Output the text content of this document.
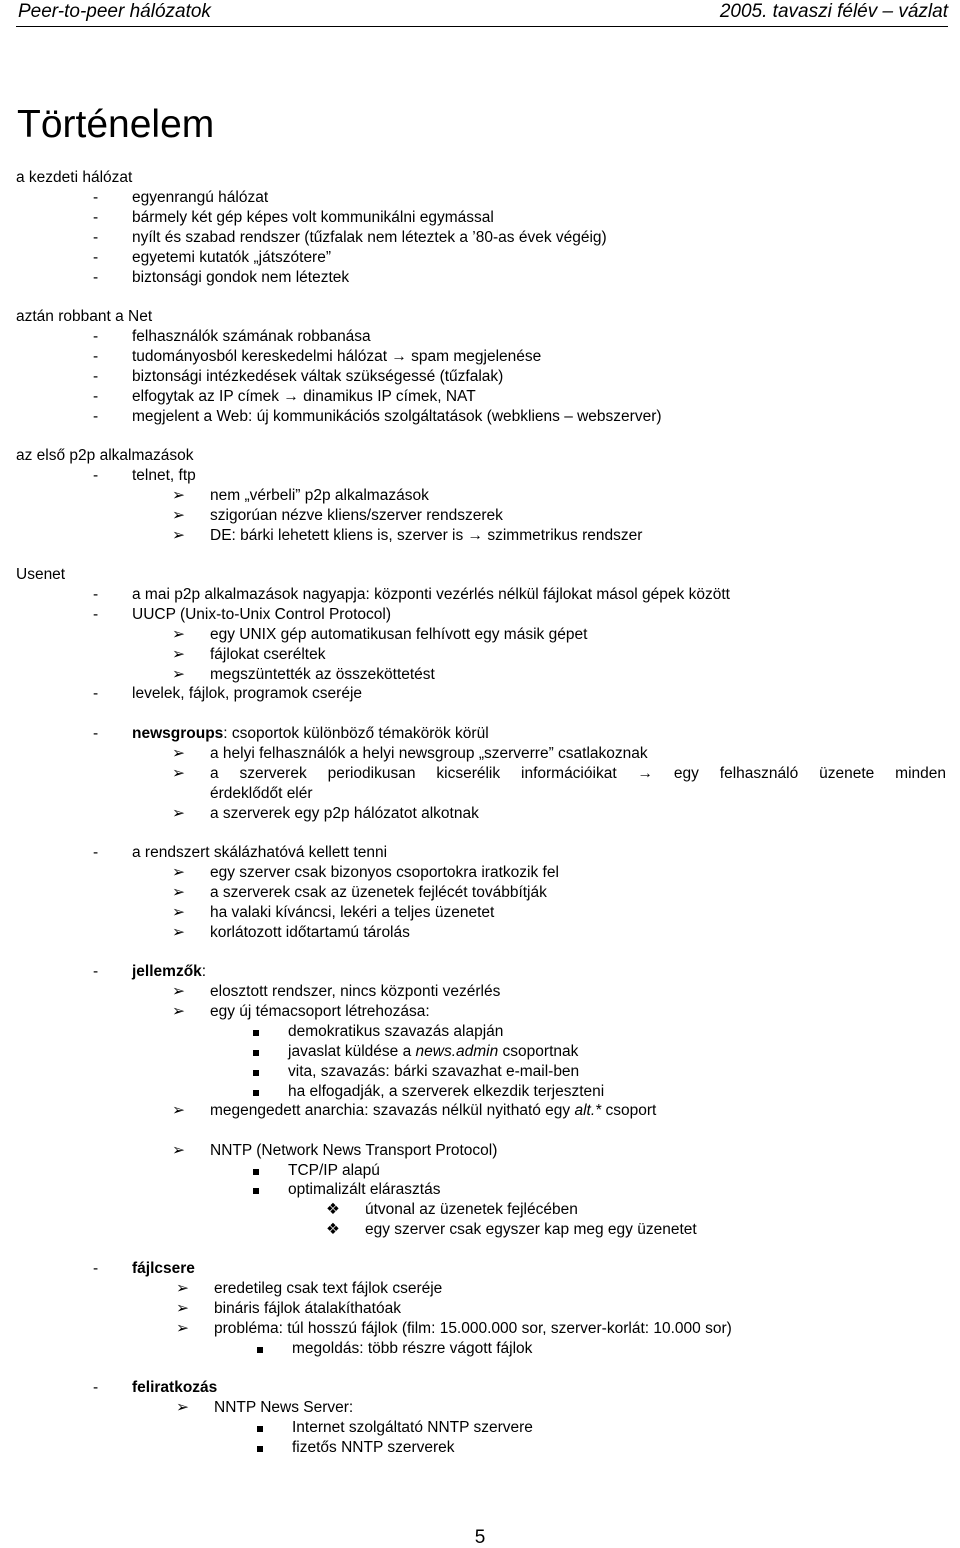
Peer-to-peer hálózatok	2005. tavaszi félév – vázlat
Történelem
a kezdeti hálózat
- egyenrangú hálózat
- bármely két gép képes volt kommunikálni egymással
- nyílt és szabad rendszer (tűzfalak nem léteztek a ’80-as évek végéig)
- egyetemi kutatók „játszótere”
- biztonsági gondok nem léteztek
aztán robbant a Net
- felhasználók számának robbanása
- tudományosból kereskedelmi hálózat → spam megjelenése
- biztonsági intézkedések váltak szükségessé (tűzfalak)
- elfogytak az IP címek → dinamikus IP címek, NAT
- megjelent a Web: új kommunikációs szolgáltatások (webkliens – webszerver)
az első p2p alkalmazások
- telnet, ftp
➢ nem „vérbeli” p2p alkalmazások
➢ szigorúan nézve kliens/szerver rendszerek
➢ DE: bárki lehetett kliens is, szerver is → szimmetrikus rendszer
Usenet
- a mai p2p alkalmazások nagyapja: központi vezérlés nélkül fájlokat másol gépek között
- UUCP (Unix-to-Unix Control Protocol)
➢ egy UNIX gép automatikusan felhívott egy másik gépet
➢ fájlokat cseréltek
➢ megszüntették az összeköttetést
- levelek, fájlok, programok cseréje
- newsgroups: csoportok különböző témakörök körül
➢ a helyi felhasználók a helyi newsgroup „szerverre” csatlakoznak
➢ a szerverek periodikusan kicserélik információikat → egy felhasználó üzenete minden
érdeklődőt elér
➢ a szerverek egy p2p hálózatot alkotnak
- a rendszert skálázhatóvá kellett tenni
➢ egy szerver csak bizonyos csoportokra iratkozik fel
➢ a szerverek csak az üzenetek fejlécét továbbítják
➢ ha valaki kíváncsi, lekéri a teljes üzenetet
➢ korlátozott időtartamú tárolás
- jellemzők:
➢ elosztott rendszer, nincs központi vezérlés
➢ egy új témacsoport létrehozása:
demokratikus szavazás alapján
javaslat küldése a news.admin csoportnak
vita, szavazás: bárki szavazhat e-mail-ben
ha elfogadják, a szerverek elkezdik terjeszteni
➢ megengedett anarchia: szavazás nélkül nyitható egy alt.* csoport
➢ NNTP (Network News Transport Protocol)
TCP/IP alapú
optimalizált elárasztás
❖ útvonal az üzenetek fejlécében
❖ egy szerver csak egyszer kap meg egy üzenetet
- fájlcsere
➢ eredetileg csak text fájlok cseréje
➢ bináris fájlok átalakíthatóak
➢ probléma: túl hosszú fájlok (film: 15.000.000 sor, szerver-korlát: 10.000 sor)
megoldás: több részre vágott fájlok
- feliratkozás
➢ NNTP News Server:
Internet szolgáltató NNTP szervere
fizetős NNTP szerverek
5
